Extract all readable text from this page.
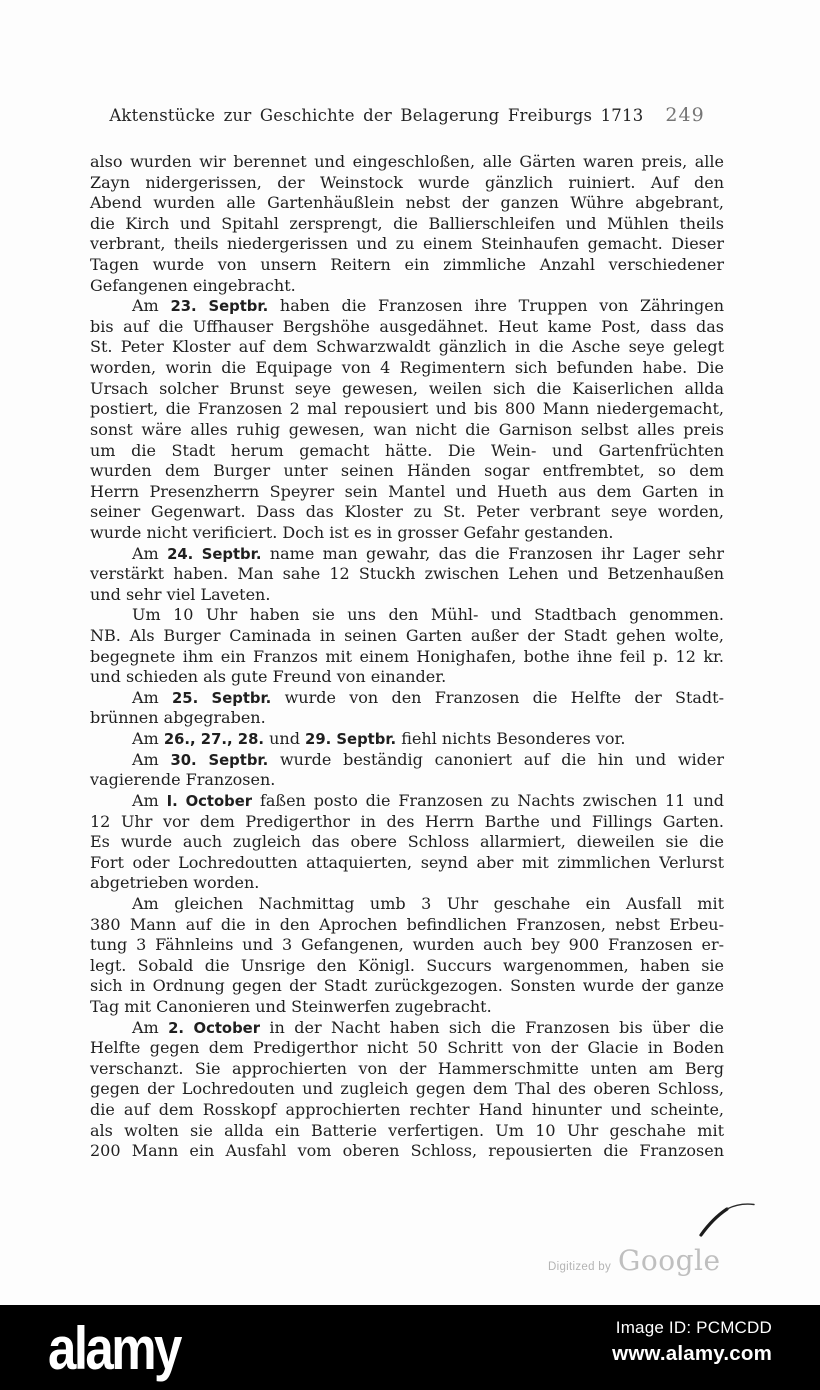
Aktenstücke zur Geschichte der Belagerung Freiburgs 1713 249
also wurden wir berennet und eingeschloßen, alle Gärten waren preis, alle
Zayn nidergerissen, der Weinstock wurde gänzlich ruiniert. Auf den
Abend wurden alle Gartenhäußlein nebst der ganzen Wühre abgebrant,
die Kirch und Spitahl zersprengt, die Ballierschleifen und Mühlen theils
verbrant, theils niedergerissen und zu einem Steinhaufen gemacht. Dieser
Tagen wurde von unsern Reitern ein zimmliche Anzahl verschiedener
Gefangenen eingebracht.
Am 23. Septbr. haben die Franzosen ihre Truppen von Zähringen
bis auf die Uffhauser Bergshöhe ausgedähnet. Heut kame Post, dass das
St. Peter Kloster auf dem Schwarzwaldt gänzlich in die Asche seye gelegt
worden, worin die Equipage von 4 Regimentern sich befunden habe. Die
Ursach solcher Brunst seye gewesen, weilen sich die Kaiserlichen allda
postiert, die Franzosen 2 mal repousiert und bis 800 Mann niedergemacht,
sonst wäre alles ruhig gewesen, wan nicht die Garnison selbst alles preis
um die Stadt herum gemacht hätte. Die Wein- und Gartenfrüchten
wurden dem Burger unter seinen Händen sogar entfrembtet, so dem
Herrn Presenzherrn Speyrer sein Mantel und Hueth aus dem Garten in
seiner Gegenwart. Dass das Kloster zu St. Peter verbrant seye worden,
wurde nicht verificiert. Doch ist es in grosser Gefahr gestanden.
Am 24. Septbr. name man gewahr, das die Franzosen ihr Lager sehr
verstärkt haben. Man sahe 12 Stuckh zwischen Lehen und Betzenhaußen
und sehr viel Laveten.
Um 10 Uhr haben sie uns den Mühl- und Stadtbach genommen.
NB. Als Burger Caminada in seinen Garten außer der Stadt gehen wolte,
begegnete ihm ein Franzos mit einem Honighafen, bothe ihne feil p. 12 kr.
und schieden als gute Freund von einander.
Am 25. Septbr. wurde von den Franzosen die Helfte der Stadt-
brünnen abgegraben.
Am 26., 27., 28. und 29. Septbr. fiehl nichts Besonderes vor.
Am 30. Septbr. wurde beständig canoniert auf die hin und wider
vagierende Franzosen.
Am I. October faßen posto die Franzosen zu Nachts zwischen 11 und
12 Uhr vor dem Predigerthor in des Herrn Barthe und Fillings Garten.
Es wurde auch zugleich das obere Schloss allarmiert, dieweilen sie die
Fort oder Lochredoutten attaquierten, seynd aber mit zimmlichen Verlurst
abgetrieben worden.
Am gleichen Nachmittag umb 3 Uhr geschahe ein Ausfall mit
380 Mann auf die in den Aprochen befindlichen Franzosen, nebst Erbeu-
tung 3 Fähnleins und 3 Gefangenen, wurden auch bey 900 Franzosen er-
legt. Sobald die Unsrige den Königl. Succurs wargenommen, haben sie
sich in Ordnung gegen der Stadt zurückgezogen. Sonsten wurde der ganze
Tag mit Canonieren und Steinwerfen zugebracht.
Am 2. October in der Nacht haben sich die Franzosen bis über die
Helfte gegen dem Predigerthor nicht 50 Schritt von der Glacie in Boden
verschanzt. Sie approchierten von der Hammerschmitte unten am Berg
gegen der Lochredouten und zugleich gegen dem Thal des oberen Schloss,
die auf dem Rosskopf approchierten rechter Hand hinunter und scheinte,
als wolten sie allda ein Batterie verfertigen. Um 10 Uhr geschahe mit
200 Mann ein Ausfahl vom oberen Schloss, repousierten die Franzosen
Digitized by Google
alamy	Image ID: PCMCDD
www.alamy.com
